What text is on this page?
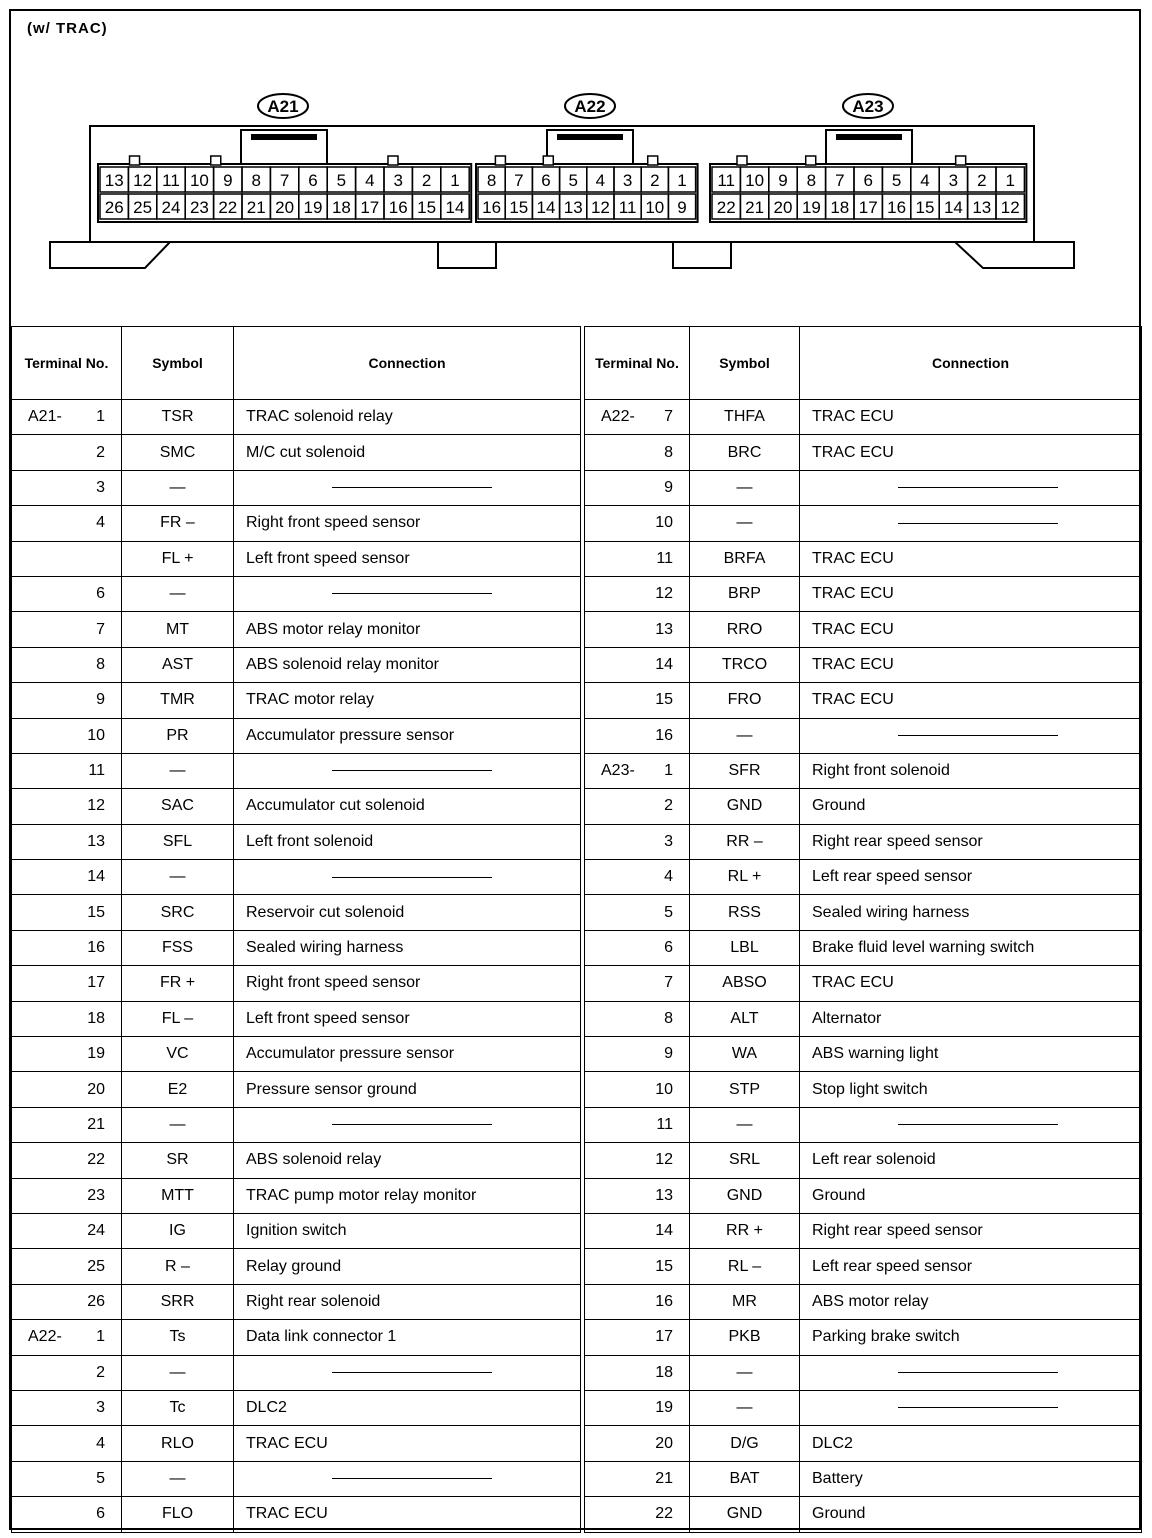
(w/ TRAC)
A21
13 12 11 10 9 8 7 6 5 4 3 2 1
26 25 24 23 22 21 20 19 18 17 16 15 14
A22
8 7 6 5 4 3 2 1
16 15 14 13 12 11 10 9
A23
11 10 9 8 7 6 5 4 3 2 1
22 21 20 19 18 17 16 15 14 13 12
Terminal No.	Symbol	Connection

A21- 1	TSR	TRAC solenoid relay
2	SMC	M/C cut solenoid
3	—	
4	FR –	Right front speed sensor
	FL +	Left front speed sensor
6	—	
7	MT	ABS motor relay monitor
8	AST	ABS solenoid relay monitor
9	TMR	TRAC motor relay
10	PR	Accumulator pressure sensor
11	—	
12	SAC	Accumulator cut solenoid
13	SFL	Left front solenoid
14	—	
15	SRC	Reservoir cut solenoid
16	FSS	Sealed wiring harness
17	FR +	Right front speed sensor
18	FL –	Left front speed sensor
19	VC	Accumulator pressure sensor
20	E2	Pressure sensor ground
21	—	
22	SR	ABS solenoid relay
23	MTT	TRAC pump motor relay monitor
24	IG	Ignition switch
25	R –	Relay ground
26	SRR	Right rear solenoid

A22- 1	Ts	Data link connector 1
2	—	
3	Tc	DLC2
4	RLO	TRAC ECU
5	—	
6	FLO	TRAC ECU
Terminal No.	Symbol	Connection

A22- 7	THFA	TRAC ECU
8	BRC	TRAC ECU
9	—	
10	—	
11	BRFA	TRAC ECU
12	BRP	TRAC ECU
13	RRO	TRAC ECU
14	TRCO	TRAC ECU
15	FRO	TRAC ECU
16	—	

A23- 1	SFR	Right front solenoid
2	GND	Ground
3	RR –	Right rear speed sensor
4	RL +	Left rear speed sensor
5	RSS	Sealed wiring harness
6	LBL	Brake fluid level warning switch
7	ABSO	TRAC ECU
8	ALT	Alternator
9	WA	ABS warning light
10	STP	Stop light switch
11	—	
12	SRL	Left rear solenoid
13	GND	Ground
14	RR +	Right rear speed sensor
15	RL –	Left rear speed sensor
16	MR	ABS motor relay
17	PKB	Parking brake switch
18	—	
19	—	
20	D/G	DLC2
21	BAT	Battery
22	GND	Ground
